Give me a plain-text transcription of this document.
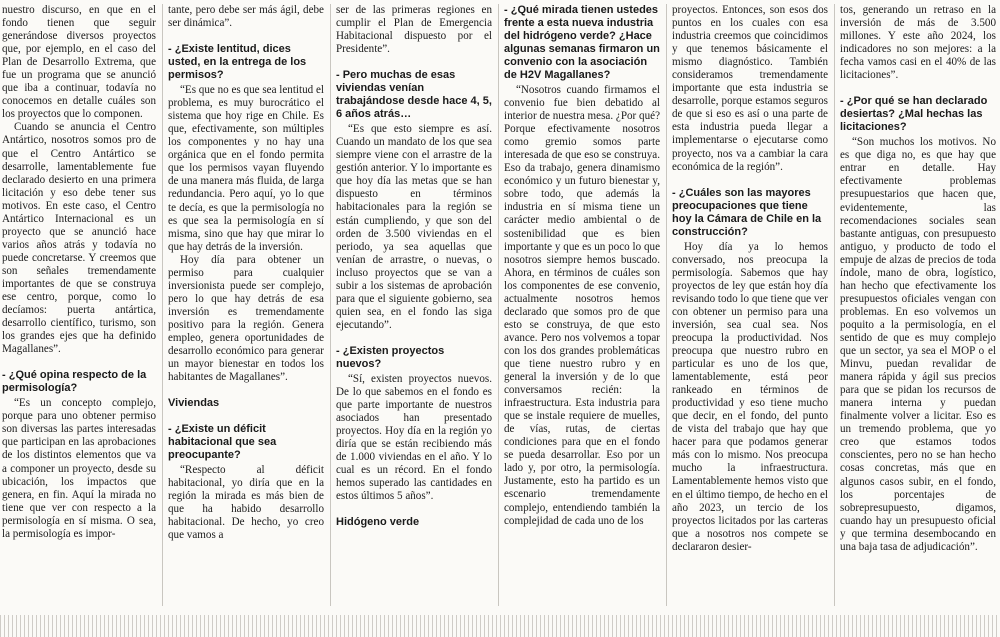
nuestro discurso, en que en el fondo tienen que seguir generándose diversos proyectos que, por ejemplo, en el caso del Plan de Desarrollo Extrema, que fue un programa que se anunció que iba a continuar, todavía no conocemos en detalle cuáles son los proyectos que lo componen.

Cuando se anuncia el Centro Antártico, nosotros somos pro de que el Centro Antártico se desarrolle, lamentablemente fue declarado desierto en una primera licitación y eso debe tener sus motivos. En este caso, el Centro Antártico Internacional es un proyecto que se anunció hace varios años atrás y todavía no puede concretarse. Y creemos que son señales tremendamente importantes de que se construya ese centro, porque, como lo decíamos: puerta antártica, desarrollo científico, turismo, son los grandes ejes que ha definido Magallanes”.

- ¿Qué opina respecto de la permisología?

“Es un concepto complejo, porque para uno obtener permiso son diversas las partes interesadas que participan en las aprobaciones de los distintos elementos que va a componer un proyecto, desde su ubicación, los impactos que genera, en fin. Aquí la mirada no tiene que ver con respecto a la permisología en sí misma. O sea, la permisología es impor-

tante, pero debe ser más ágil, debe ser dinámica”.

- ¿Existe lentitud, dices usted, en la entrega de los permisos?

“Es que no es que sea lentitud el problema, es muy burocrático el sistema que hoy rige en Chile. Es que, efectivamente, son múltiples los componentes y no hay una orgánica que en el fondo permita que los permisos vayan fluyendo de una manera más fluida, de larga redundancia. Pero aquí, yo lo que te decía, es que la permisología no es que sea la permisología en sí misma, sino que hay que mirar lo que hay detrás de la inversión.

Hoy día para obtener un permiso para cualquier inversionista puede ser complejo, pero lo que hay detrás de esa inversión es tremendamente positivo para la región. Genera empleo, genera oportunidades de desarrollo económico para generar un mayor bienestar en todos los habitantes de Magallanes”.

Viviendas
- ¿Existe un déficit habitacional que sea preocupante?

“Respecto al déficit habitacional, yo diría que en la región la mirada es más bien de que ha habido desarrollo habitacional. De hecho, yo creo que vamos a

ser de las primeras regiones en cumplir el Plan de Emergencia Habitacional dispuesto por el Presidente”.

- Pero muchas de esas viviendas venían trabajándose desde hace 4, 5, 6 años atrás…

“Es que esto siempre es así. Cuando un mandato de los que sea siempre viene con el arrastre de la gestión anterior. Y lo importante es que hoy día las metas que se han dispuesto en términos habitacionales para la región se están cumpliendo, y que son del orden de 3.500 viviendas en el periodo, ya sea aquellas que venían de arrastre, o nuevas, o incluso proyectos que se van a subir a los sistemas de aprobación para que el siguiente gobierno, sea quien sea, en el fondo las siga ejecutando”.

- ¿Existen proyectos nuevos?

“Sí, existen proyectos nuevos. De lo que sabemos en el fondo es que parte importante de nuestros asociados han presentado proyectos. Hoy día en la región yo diría que se están recibiendo más de 1.000 viviendas en el año. Y lo cual es un récord. En el fondo hemos superado las cantidades en estos últimos 5 años”.

Hidógeno verde
- ¿Qué mirada tienen ustedes frente a esta nueva industria del hidrógeno verde? ¿Hace algunas semanas firmaron un convenio con la asociación de H2V Magallanes?

“Nosotros cuando firmamos el convenio fue bien debatido al interior de nuestra mesa. ¿Por qué? Porque efectivamente nosotros como gremio somos parte interesada de que eso se construya. Eso da trabajo, genera dinamismo económico y un futuro bienestar y, sobre todo, que además la industria en sí misma tiene un carácter medio ambiental o de sostenibilidad que es bien importante y que es un poco lo que nosotros siempre hemos buscado. Ahora, en términos de cuáles son los componentes de ese convenio, actualmente nosotros hemos declarado que somos pro de que esto se construya, de que esto avance. Pero nos volvemos a topar con los dos grandes problemáticas que tiene nuestro rubro y en general la inversión y de lo que conversamos recién: la infraestructura. Esta industria para que se instale requiere de muelles, de vías, rutas, de ciertas condiciones para que en el fondo se pueda desarrollar. Eso por un lado y, por otro, la permisología. Justamente, esto ha partido es un escenario tremendamente complejo, entendiendo también la complejidad de cada uno de los

proyectos. Entonces, son esos dos puntos en los cuales con esa industria creemos que coincidimos y que tenemos básicamente el mismo diagnóstico. También consideramos tremendamente importante que esta industria se desarrolle, porque estamos seguros de que si eso es así o una parte de esta industria pueda llegar a implementarse o ejecutarse como proyecto, nos va a cambiar la cara económica de la región”.

- ¿Cuáles son las mayores preocupaciones que tiene hoy la Cámara de Chile en la construcción?

Hoy día ya lo hemos conversado, nos preocupa la permisología. Sabemos que hay proyectos de ley que están hoy día revisando todo lo que tiene que ver con obtener un permiso para una inversión, sea cual sea. Nos preocupa la productividad. Nos preocupa que nuestro rubro en particular es uno de los que, lamentablemente, está peor rankeado en términos de productividad y eso tiene mucho que decir, en el fondo, del punto de vista del trabajo que hay que hacer para que podamos generar más con lo mismo. Nos preocupa mucho la infraestructura. Lamentablemente hemos visto que en el último tiempo, de hecho en el año 2023, un tercio de los proyectos licitados por las carteras que a nosotros nos compete se declararon desier-

tos, generando un retraso en la inversión de más de 3.500 millones. Y este año 2024, los indicadores no son mejores: a la fecha vamos casi en el 40% de las licitaciones”.

- ¿Por qué se han declarado desiertas? ¿Mal hechas las licitaciones?

“Son muchos los motivos. No es que diga no, es que hay que entrar en detalle. Hay efectivamente problemas presupuestarios que hacen que, evidentemente, las recomendaciones sociales sean bastante antiguas, con presupuesto antiguo, y producto de todo el empuje de alzas de precios de toda índole, mano de obra, logístico, han hecho que efectivamente los presupuestos oficiales vengan con problemas. En eso volvemos un poquito a la permisología, en el sentido de que es muy complejo que un sector, ya sea el MOP o el Minvu, puedan revalidar de manera rápida y ágil sus precios para que se pidan los recursos de manera interna y puedan finalmente volver a licitar. Eso es un tremendo problema, que yo creo que estamos todos conscientes, pero no se han hecho cosas concretas, más que en algunos casos subir, en el fondo, los porcentajes de sobrepresupuesto, digamos, cuando hay un presupuesto oficial y que termina desembocando en una baja tasa de adjudicación”.
